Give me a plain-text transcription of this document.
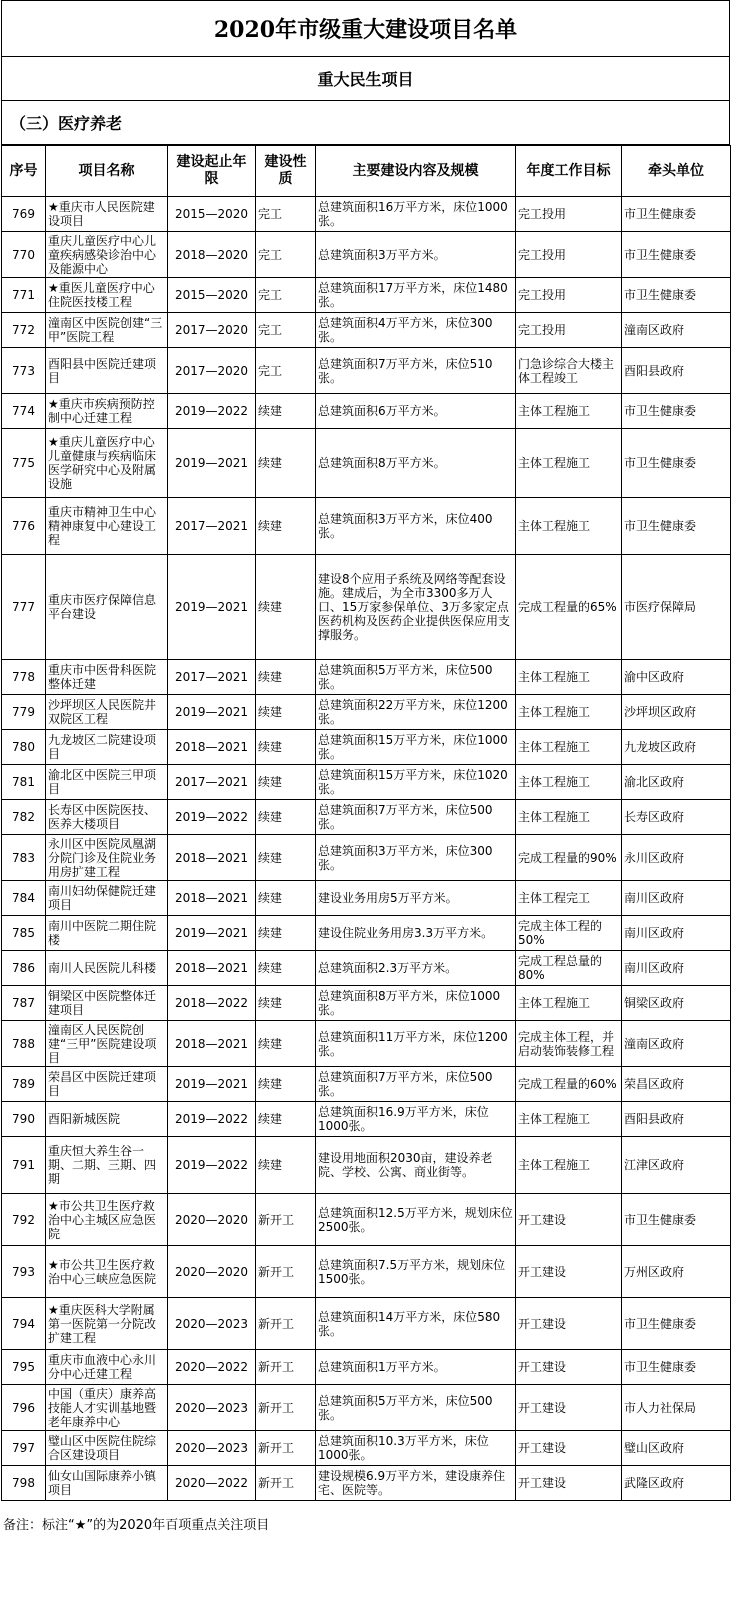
2020年市级重大建设项目名单
重大民生项目
（三）医疗养老
序号	项目名称	建设起止年限	建设性质	主要建设内容及规模	年度工作目标	牵头单位
769	★重庆市人民医院建设项目	2015—2020	完工	总建筑面积16万平方米，床位1000张。	完工投用	市卫生健康委
770	重庆儿童医疗中心儿童疾病感染诊治中心及能源中心	2018—2020	完工	总建筑面积3万平方米。	完工投用	市卫生健康委
771	★重医儿童医疗中心住院医技楼工程	2015—2020	完工	总建筑面积17万平方米，床位1480张。	完工投用	市卫生健康委
772	潼南区中医院创建“三甲”医院工程	2017—2020	完工	总建筑面积4万平方米，床位300张。	完工投用	潼南区政府
773	酉阳县中医院迁建项目	2017—2020	完工	总建筑面积7万平方米，床位510张。	门急诊综合大楼主体工程竣工	酉阳县政府
774	★重庆市疾病预防控制中心迁建工程	2019—2022	续建	总建筑面积6万平方米。	主体工程施工	市卫生健康委
775	★重庆儿童医疗中心儿童健康与疾病临床医学研究中心及附属设施	2019—2021	续建	总建筑面积8万平方米。	主体工程施工	市卫生健康委
776	重庆市精神卫生中心精神康复中心建设工程	2017—2021	续建	总建筑面积3万平方米，床位400张。	主体工程施工	市卫生健康委
777	重庆市医疗保障信息平台建设	2019—2021	续建	建设8个应用子系统及网络等配套设施。建成后，为全市3300多万人口、15万家参保单位、3万多家定点医药机构及医药企业提供医保应用支撑服务。	完成工程量的65%	市医疗保障局
778	重庆市中医骨科医院整体迁建	2017—2021	续建	总建筑面积5万平方米，床位500张。	主体工程施工	渝中区政府
779	沙坪坝区人民医院井双院区工程	2019—2021	续建	总建筑面积22万平方米，床位1200张。	主体工程施工	沙坪坝区政府
780	九龙坡区二院建设项目	2018—2021	续建	总建筑面积15万平方米，床位1000张。	主体工程施工	九龙坡区政府
781	渝北区中医院三甲项目	2017—2021	续建	总建筑面积15万平方米，床位1020张。	主体工程施工	渝北区政府
782	长寿区中医院医技、医养大楼项目	2019—2022	续建	总建筑面积7万平方米，床位500张。	主体工程施工	长寿区政府
783	永川区中医院凤凰湖分院门诊及住院业务用房扩建工程	2018—2021	续建	总建筑面积3万平方米，床位300张。	完成工程量的90%	永川区政府
784	南川妇幼保健院迁建项目	2018—2021	续建	建设业务用房5万平方米。	主体工程完工	南川区政府
785	南川中医院二期住院楼	2019—2021	续建	建设住院业务用房3.3万平方米。	完成主体工程的50%	南川区政府
786	南川人民医院儿科楼	2018—2021	续建	总建筑面积2.3万平方米。	完成工程总量的80%	南川区政府
787	铜梁区中医院整体迁建项目	2018—2022	续建	总建筑面积8万平方米，床位1000张。	主体工程施工	铜梁区政府
788	潼南区人民医院创建“三甲”医院建设项目	2018—2021	续建	总建筑面积11万平方米，床位1200张。	完成主体工程，并启动装饰装修工程	潼南区政府
789	荣昌区中医院迁建项目	2019—2021	续建	总建筑面积7万平方米，床位500张。	完成工程量的60%	荣昌区政府
790	酉阳新城医院	2019—2022	续建	总建筑面积16.9万平方米，床位1000张。	主体工程施工	酉阳县政府
791	重庆恒大养生谷一期、二期、三期、四期	2019—2022	续建	建设用地面积2030亩，建设养老院、学校、公寓、商业街等。	主体工程施工	江津区政府
792	★市公共卫生医疗救治中心主城区应急医院	2020—2020	新开工	总建筑面积12.5万平方米，规划床位2500张。	开工建设	市卫生健康委
793	★市公共卫生医疗救治中心三峡应急医院	2020—2020	新开工	总建筑面积7.5万平方米，规划床位1500张。	开工建设	万州区政府
794	★重庆医科大学附属第一医院第一分院改扩建工程	2020—2023	新开工	总建筑面积14万平方米，床位580张。	开工建设	市卫生健康委
795	重庆市血液中心永川分中心迁建工程	2020—2022	新开工	总建筑面积1万平方米。	开工建设	市卫生健康委
796	中国（重庆）康养高技能人才实训基地暨老年康养中心	2020—2023	新开工	总建筑面积5万平方米，床位500张。	开工建设	市人力社保局
797	璧山区中医院住院综合区建设项目	2020—2023	新开工	总建筑面积10.3万平方米，床位1000张。	开工建设	璧山区政府
798	仙女山国际康养小镇项目	2020—2022	新开工	建设规模6.9万平方米，建设康养住宅、医院等。	开工建设	武隆区政府
备注：标注“★”的为2020年百项重点关注项目
